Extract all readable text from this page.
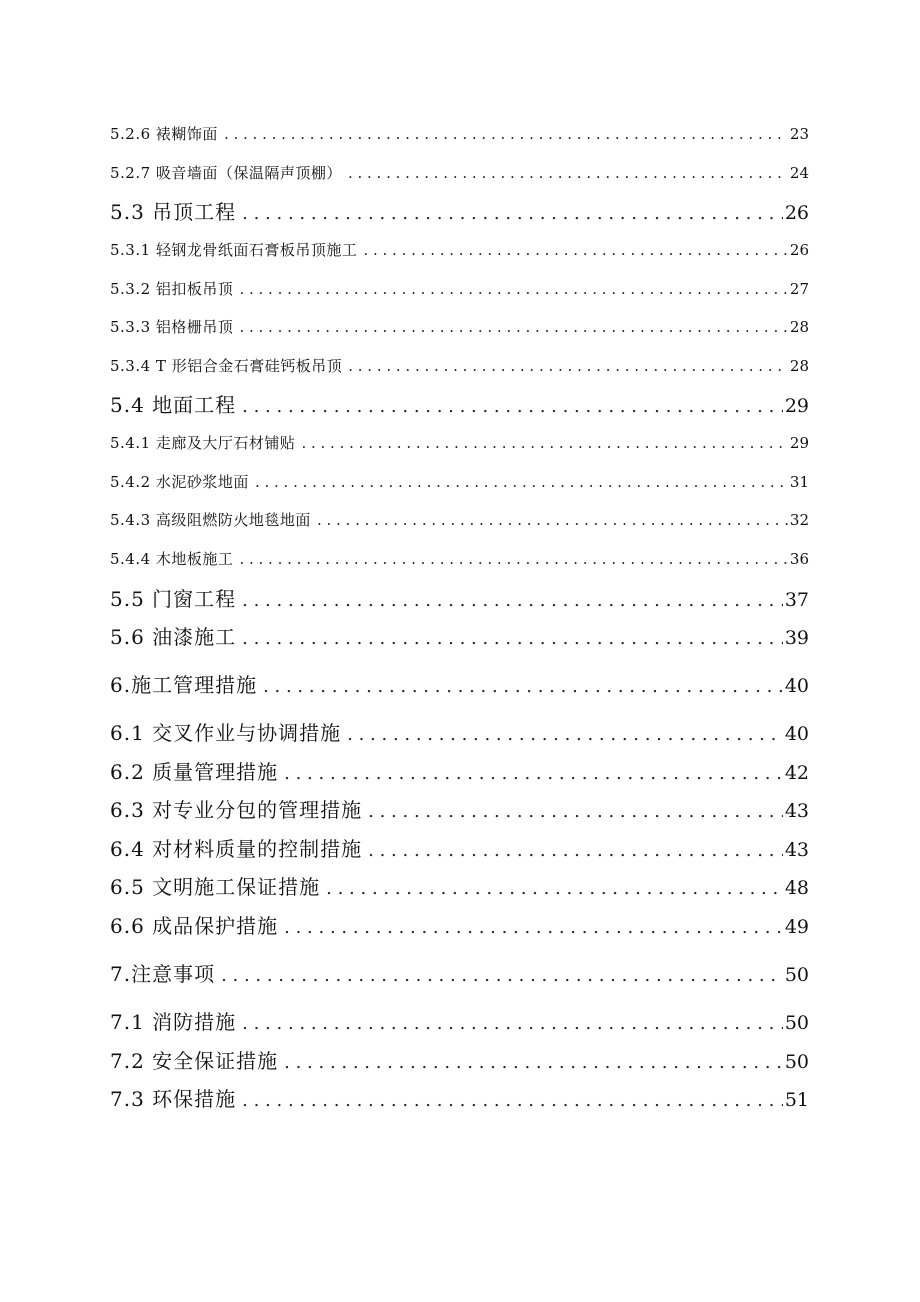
5.2.6 裱糊饰面 . . .	23
5.2.7 吸音墙面（保温隔声顶棚） . . .	24
5.3 吊顶工程 . . .	26
5.3.1 轻钢龙骨纸面石膏板吊顶施工 . . .	26
5.3.2 铝扣板吊顶 . . .	27
5.3.3 铝格栅吊顶 . . .	28
5.3.4 T 形铝合金石膏硅钙板吊顶 . . .	28
5.4 地面工程 . . .	29
5.4.1 走廊及大厅石材铺贴 . . .	29
5.4.2 水泥砂浆地面 . . .	31
5.4.3 高级阻燃防火地毯地面 . . .	32
5.4.4 木地板施工 . . .	36
5.5 门窗工程 . . .	37
5.6 油漆施工 . . .	39
6.施工管理措施 . . .	40
6.1 交叉作业与协调措施 . . .	40
6.2 质量管理措施 . . .	42
6.3 对专业分包的管理措施 . . .	43
6.4 对材料质量的控制措施 . . .	43
6.5 文明施工保证措施 . . .	48
6.6 成品保护措施 . . .	49
7.注意事项 . . .	50
7.1 消防措施 . . .	50
7.2 安全保证措施 . . .	50
7.3 环保措施 . . .	51
